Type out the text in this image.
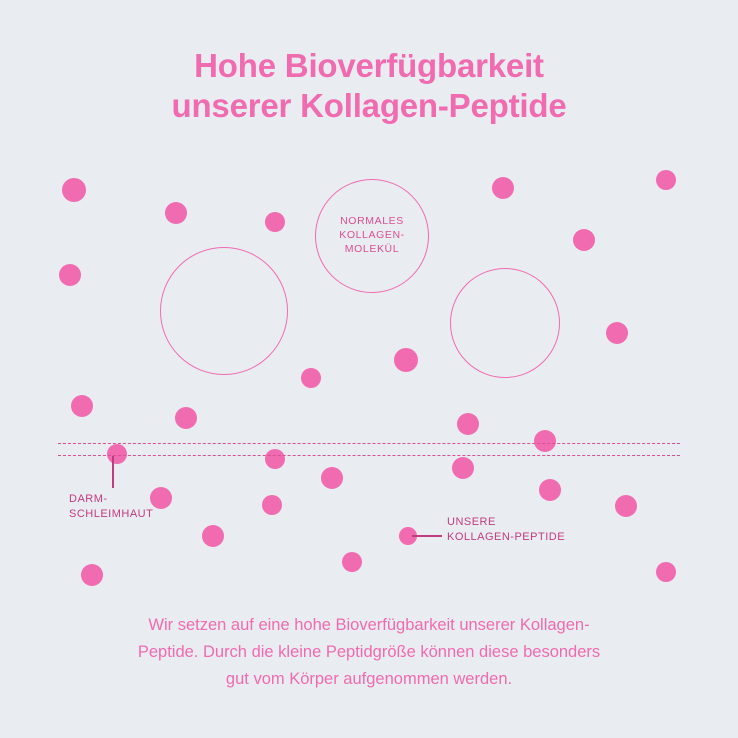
Hohe Bioverfügbarkeit
unserer Kollagen-Peptide
NORMALES
KOLLAGEN-
MOLEKÜL
DARM-
SCHLEIMHAUT
UNSERE
KOLLAGEN-PEPTIDE
Wir setzen auf eine hohe Bioverfügbarkeit unserer Kollagen-
Peptide. Durch die kleine Peptidgröße können diese besonders
gut vom Körper aufgenommen werden.
